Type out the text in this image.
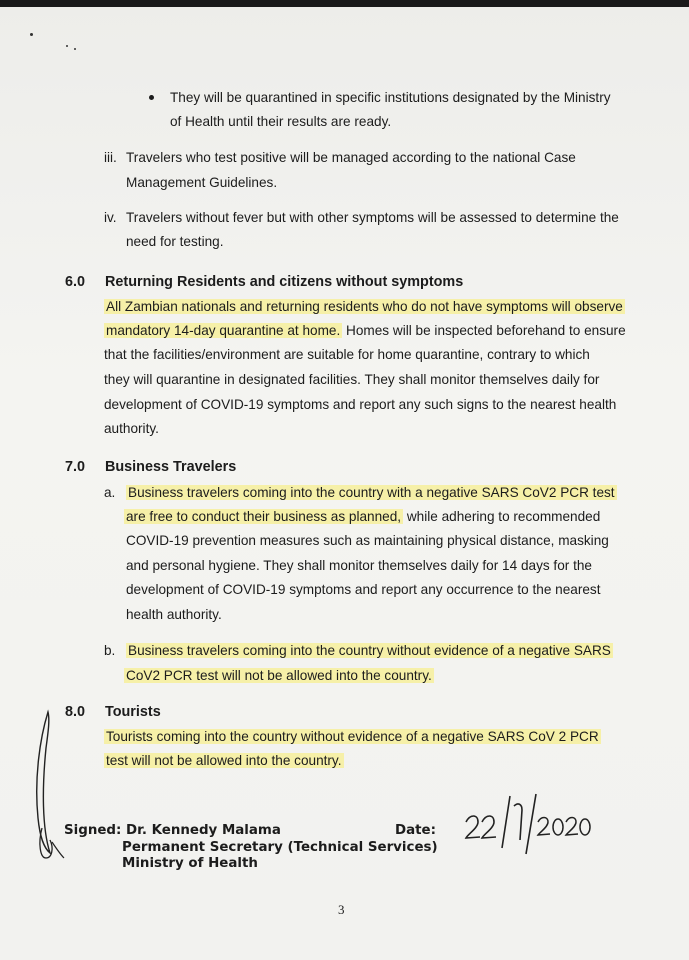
They will be quarantined in specific institutions designated by the Ministry
of Health until their results are ready.
iii. Travelers who test positive will be managed according to the national Case
Management Guidelines.
iv. Travelers without fever but with other symptoms will be assessed to determine the
need for testing.
6.0 Returning Residents and citizens without symptoms
All Zambian nationals and returning residents who do not have symptoms will observe
mandatory 14-day quarantine at home. Homes will be inspected beforehand to ensure
that the facilities/environment are suitable for home quarantine, contrary to which
they will quarantine in designated facilities. They shall monitor themselves daily for
development of COVID-19 symptoms and report any such signs to the nearest health
authority.
7.0 Business Travelers
a. Business travelers coming into the country with a negative SARS CoV2 PCR test
are free to conduct their business as planned, while adhering to recommended
COVID-19 prevention measures such as maintaining physical distance, masking
and personal hygiene. They shall monitor themselves daily for 14 days for the
development of COVID-19 symptoms and report any occurrence to the nearest
health authority.
b. Business travelers coming into the country without evidence of a negative SARS
CoV2 PCR test will not be allowed into the country.
8.0 Tourists
Tourists coming into the country without evidence of a negative SARS CoV 2 PCR
test will not be allowed into the country.
Signed: Dr. Kennedy Malama
Permanent Secretary (Technical Services)
Ministry of Health
Date:
3
